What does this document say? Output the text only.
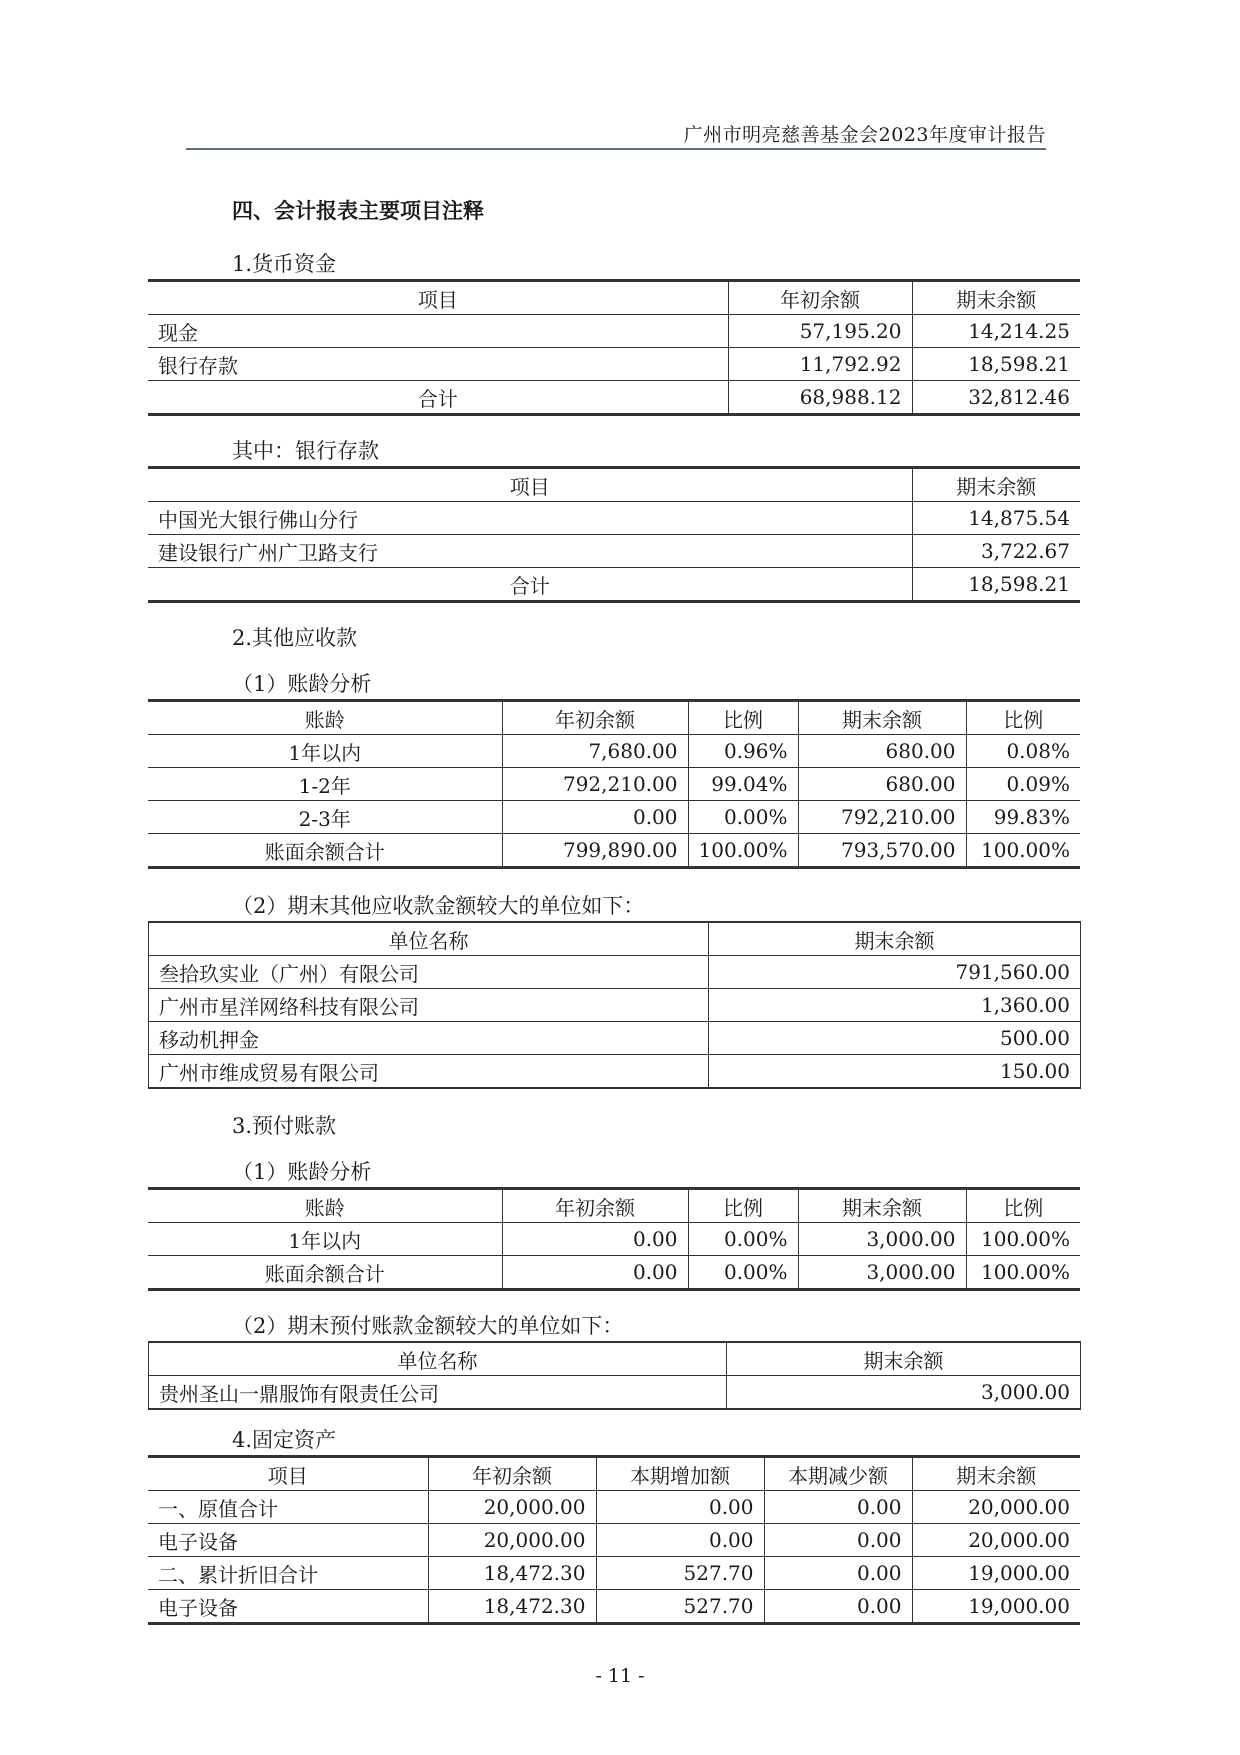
广州市明亮慈善基金会2023年度审计报告
四、会计报表主要项目注释
1.货币资金
项目	年初余额	期末余额
现金	57,195.20	14,214.25
银行存款	11,792.92	18,598.21
合计	68,988.12	32,812.46
其中：银行存款
项目	期末余额
中国光大银行佛山分行	14,875.54
建设银行广州广卫路支行	3,722.67
合计	18,598.21
2.其他应收款
（1）账龄分析
账龄	年初余额	比例	期末余额	比例
1年以内	7,680.00	0.96%	680.00	0.08%
1-2年	792,210.00	99.04%	680.00	0.09%
2-3年	0.00	0.00%	792,210.00	99.83%
账面余额合计	799,890.00	100.00%	793,570.00	100.00%
（2）期末其他应收款金额较大的单位如下：
单位名称	期末余额
叁拾玖实业（广州）有限公司	791,560.00
广州市星洋网络科技有限公司	1,360.00
移动机押金	500.00
广州市维成贸易有限公司	150.00
3.预付账款
（1）账龄分析
账龄	年初余额	比例	期末余额	比例
1年以内	0.00	0.00%	3,000.00	100.00%
账面余额合计	0.00	0.00%	3,000.00	100.00%
（2）期末预付账款金额较大的单位如下：
单位名称	期末余额
贵州圣山一鼎服饰有限责任公司	3,000.00
4.固定资产
项目	年初余额	本期增加额	本期减少额	期末余额
一、原值合计	20,000.00	0.00	0.00	20,000.00
电子设备	20,000.00	0.00	0.00	20,000.00
二、累计折旧合计	18,472.30	527.70	0.00	19,000.00
电子设备	18,472.30	527.70	0.00	19,000.00
- 11 -
